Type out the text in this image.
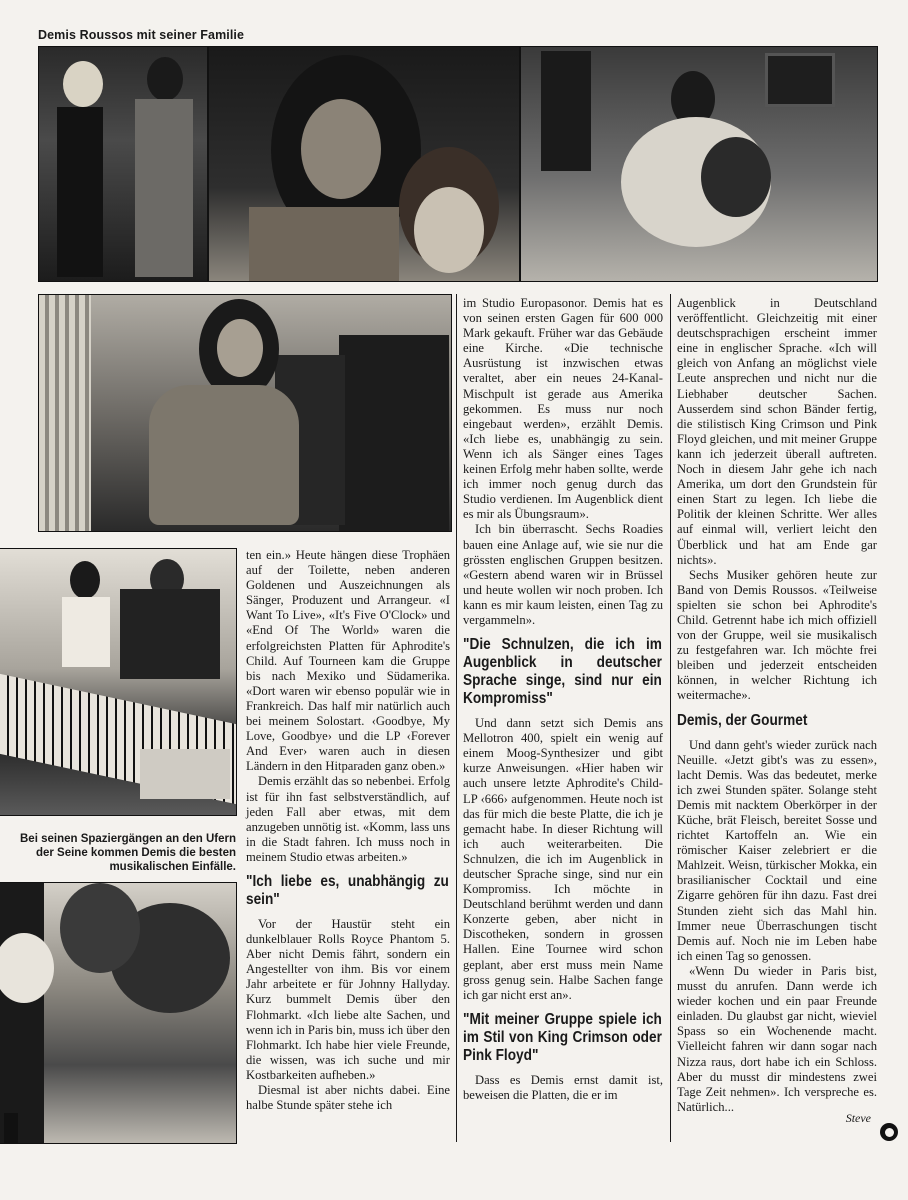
Demis Roussos mit seiner Familie
Bei seinen Spaziergängen an den Ufern der Seine kommen Demis die besten musikalischen Einfälle.

ten ein.» Heute hängen diese Trophäen auf der Toilette, neben anderen Goldenen und Auszeichnungen als Sänger, Produzent und Arrangeur. «I Want To Live», «It's Five O'Clock» und «End Of The World» waren die erfolgreichsten Platten für Aphrodite's Child. Auf Tourneen kam die Gruppe bis nach Mexiko und Südamerika. «Dort waren wir ebenso populär wie in Frankreich. Das half mir natürlich auch bei meinem Solostart. ‹Goodbye, My Love, Goodbye› und die LP ‹Forever And Ever› waren auch in diesen Ländern in den Hitparaden ganz oben.»

Demis erzählt das so nebenbei. Erfolg ist für ihn fast selbstverständlich, auf jeden Fall aber etwas, mit dem anzugeben unnötig ist. «Komm, lass uns in die Stadt fahren. Ich muss noch in meinem Studio etwas arbeiten.»

"Ich liebe es, unabhängig zu sein"

Vor der Haustür steht ein dunkelblauer Rolls Royce Phantom 5. Aber nicht Demis fährt, sondern ein Angestellter von ihm. Bis vor einem Jahr arbeitete er für Johnny Hallyday. Kurz bummelt Demis über den Flohmarkt. «Ich liebe alte Sachen, und wenn ich in Paris bin, muss ich über den Flohmarkt. Ich habe hier viele Freunde, die wissen, was ich suche und mir Kostbarkeiten aufheben.»

Diesmal ist aber nichts dabei. Eine halbe Stunde später stehe ich

im Studio Europasonor. Demis hat es von seinen ersten Gagen für 600 000 Mark gekauft. Früher war das Gebäude eine Kirche. «Die technische Ausrüstung ist inzwischen etwas veraltet, aber ein neues 24-Kanal-Mischpult ist gerade aus Amerika gekommen. Es muss nur noch eingebaut werden», erzählt Demis. «Ich liebe es, unabhängig zu sein. Wenn ich als Sänger eines Tages keinen Erfolg mehr haben sollte, werde ich immer noch genug durch das Studio verdienen. Im Augenblick dient es mir als Übungsraum».

Ich bin überrascht. Sechs Roadies bauen eine Anlage auf, wie sie nur die grössten englischen Gruppen besitzen. «Gestern abend waren wir in Brüssel und heute wollen wir noch proben. Ich kann es mir kaum leisten, einen Tag zu vergammeln».

"Die Schnulzen, die ich im Augenblick in deutscher Sprache singe, sind nur ein Kompromiss"

Und dann setzt sich Demis ans Mellotron 400, spielt ein wenig auf einem Moog-Synthesizer und gibt kurze Anweisungen. «Hier haben wir auch unsere letzte Aphrodite's Child-LP ‹666› aufgenommen. Heute noch ist das für mich die beste Platte, die ich je gemacht habe. In dieser Richtung will ich auch weiterarbeiten. Die Schnulzen, die ich im Augenblick in deutscher Sprache singe, sind nur ein Kompromiss. Ich möchte in Deutschland berühmt werden und dann Konzerte geben, aber nicht in Discotheken, sondern in grossen Hallen. Eine Tournee wird schon geplant, aber erst muss mein Name gross genug sein. Halbe Sachen fange ich gar nicht erst an».

"Mit meiner Gruppe spiele ich im Stil von King Crimson oder Pink Floyd"

Dass es Demis ernst damit ist, beweisen die Platten, die er im

Augenblick in Deutschland veröffentlicht. Gleichzeitig mit einer deutschsprachigen erscheint immer eine in englischer Sprache. «Ich will gleich von Anfang an möglichst viele Leute ansprechen und nicht nur die Liebhaber deutscher Sachen. Ausserdem sind schon Bänder fertig, die stilistisch King Crimson und Pink Floyd gleichen, und mit meiner Gruppe kann ich jederzeit überall auftreten. Noch in diesem Jahr gehe ich nach Amerika, um dort den Grundstein für einen Start zu legen. Ich liebe die Politik der kleinen Schritte. Wer alles auf einmal will, verliert leicht den Überblick und hat am Ende gar nichts».

Sechs Musiker gehören heute zur Band von Demis Roussos. «Teilweise spielten sie schon bei Aphrodite's Child. Getrennt habe ich mich offiziell von der Gruppe, weil sie musikalisch zu festgefahren war. Ich möchte frei bleiben und jederzeit entscheiden können, in welcher Richtung ich weitermache».

Demis, der Gourmet

Und dann geht's wieder zurück nach Neuille. «Jetzt gibt's was zu essen», lacht Demis. Was das bedeutet, merke ich zwei Stunden später. Solange steht Demis mit nacktem Oberkörper in der Küche, brät Fleisch, bereitet Sosse und richtet Kartoffeln an. Wie ein römischer Kaiser zelebriert er die Mahlzeit. Weisn, türkischer Mokka, ein brasilianischer Cocktail und eine Zigarre gehören für ihn dazu. Fast drei Stunden zieht sich das Mahl hin. Immer neue Überraschungen tischt Demis auf. Noch nie im Leben habe ich einen Tag so genossen.

«Wenn Du wieder in Paris bist, musst du anrufen. Dann werde ich wieder kochen und ein paar Freunde einladen. Du glaubst gar nicht, wieviel Spass so ein Wochenende macht. Vielleicht fahren wir dann sogar nach Nizza raus, dort habe ich ein Schloss. Aber du musst dir mindestens zwei Tage Zeit nehmen». Ich verspreche es. Natürlich...

Steve
